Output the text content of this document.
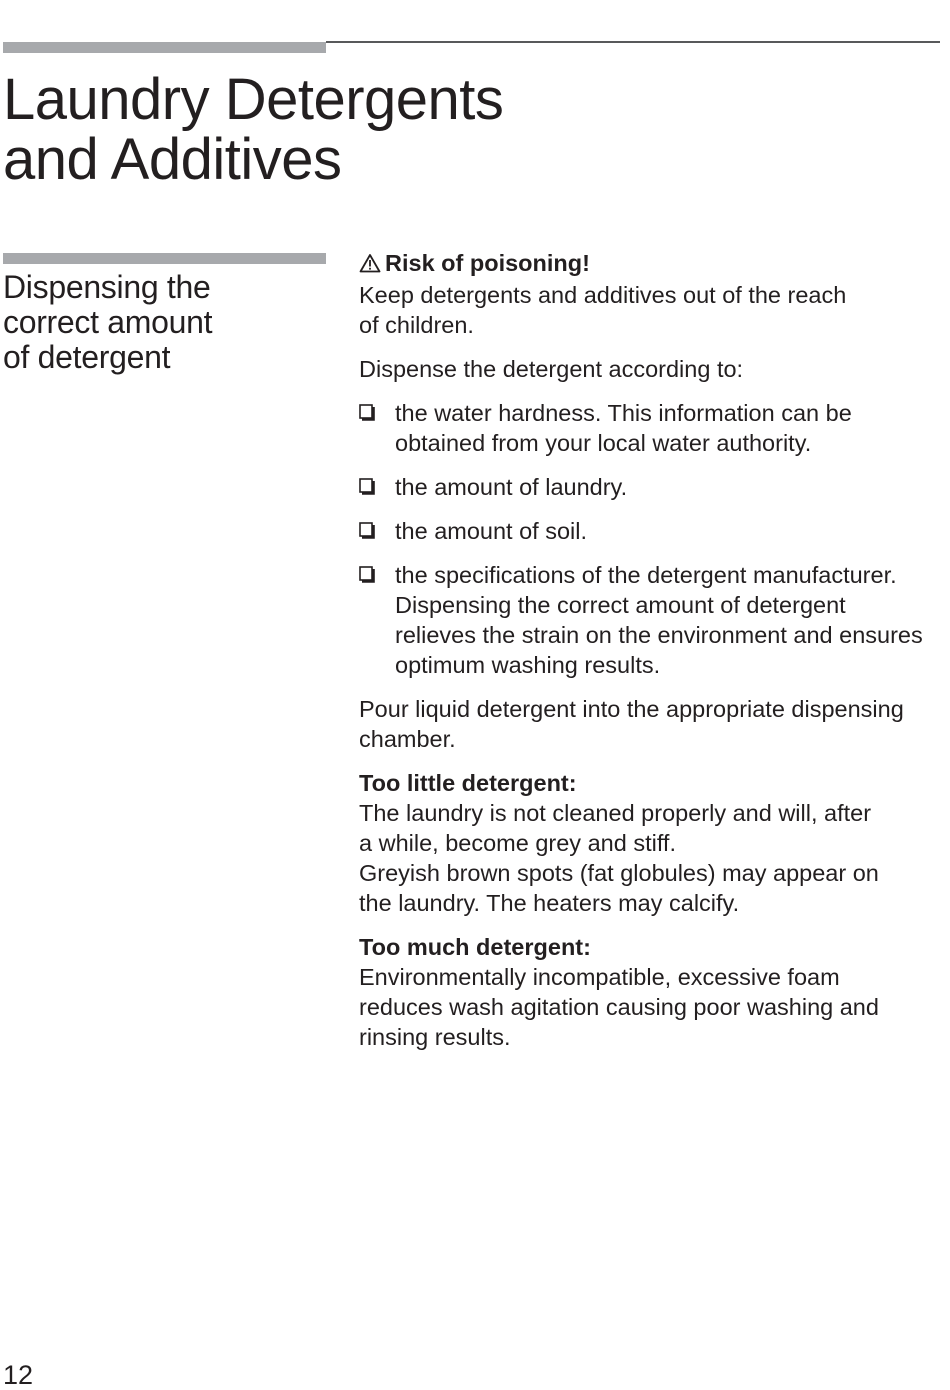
Laundry Detergents
and Additives
Dispensing the
correct amount
of detergent

Risk of poisoning!
Keep detergents and additives out of the reach
of children.

Dispense the detergent according to:

the water hardness. This information can be
obtained from your local water authority.
the amount of laundry.
the amount of soil.
the specifications of the detergent manufacturer.
Dispensing the correct amount of detergent
relieves the strain on the environment and ensures
optimum washing results.

Pour liquid detergent into the appropriate dispensing
chamber.

Too little detergent:
The laundry is not cleaned properly and will, after
a while, become grey and stiff.
Greyish brown spots (fat globules) may appear on
the laundry. The heaters may calcify.

Too much detergent:
Environmentally incompatible, excessive foam
reduces wash agitation causing poor washing and
rinsing results.

12
